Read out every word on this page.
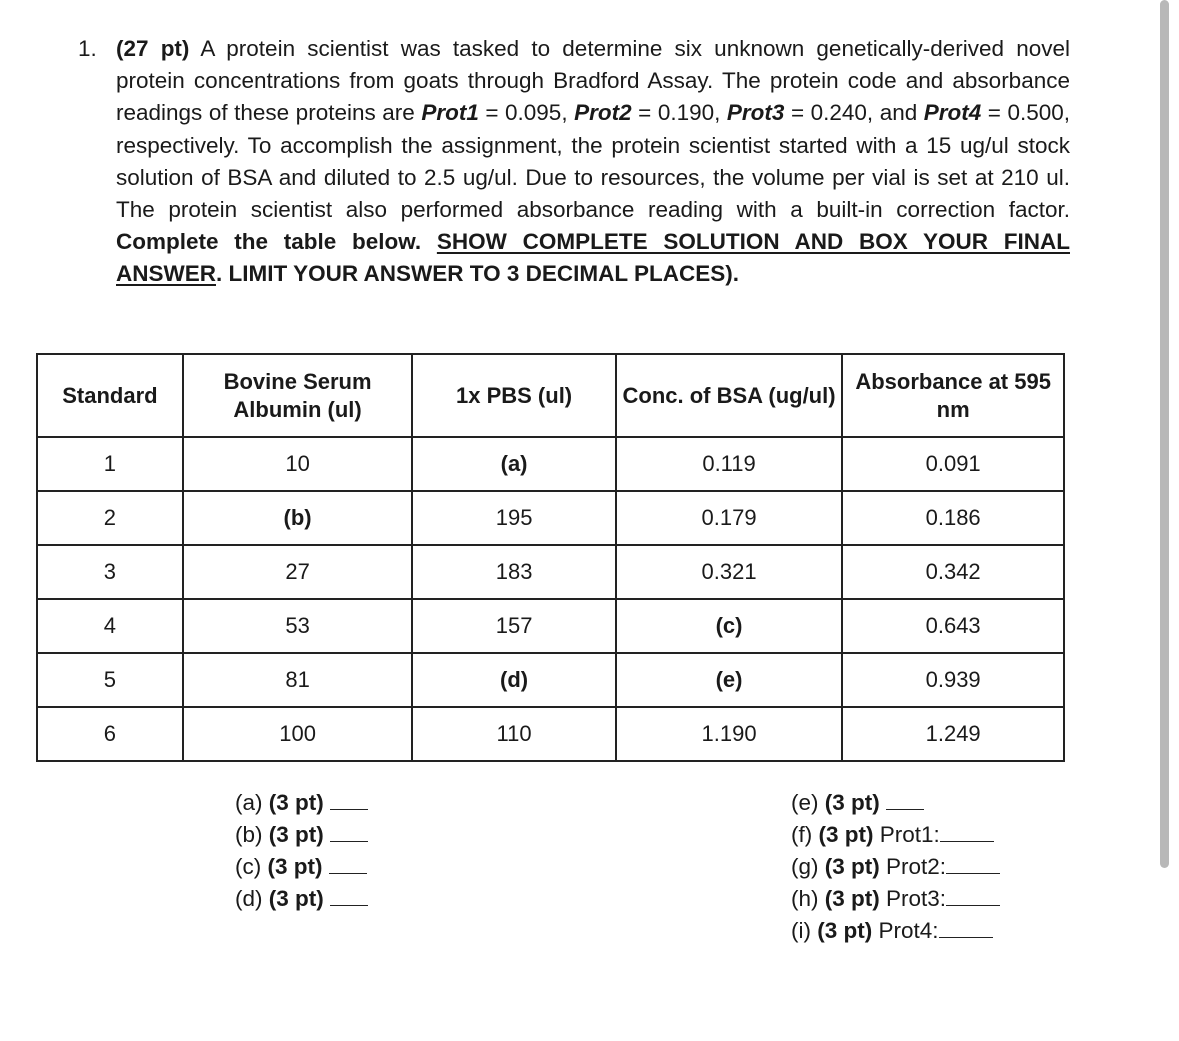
1. (27 pt) A protein scientist was tasked to determine six unknown genetically-derived novel protein concentrations from goats through Bradford Assay. The protein code and absorbance readings of these proteins are Prot1 = 0.095, Prot2 = 0.190, Prot3 = 0.240, and Prot4 = 0.500, respectively. To accomplish the assignment, the protein scientist started with a 15 ug/ul stock solution of BSA and diluted to 2.5 ug/ul. Due to resources, the volume per vial is set at 210 ul. The protein scientist also performed absorbance reading with a built-in correction factor. Complete the table below. SHOW COMPLETE SOLUTION AND BOX YOUR FINAL ANSWER. LIMIT YOUR ANSWER TO 3 DECIMAL PLACES).
Standard	Bovine Serum Albumin (ul)	1x PBS (ul)	Conc. of BSA (ug/ul)	Absorbance at 595 nm
1	10	(a)	0.119	0.091
2	(b)	195	0.179	0.186
3	27	183	0.321	0.342
4	53	157	(c)	0.643
5	81	(d)	(e)	0.939
6	100	110	1.190	1.249
(a) (3 pt)
(b) (3 pt)
(c) (3 pt)
(d) (3 pt)
(e) (3 pt)
(f) (3 pt) Prot1:
(g) (3 pt) Prot2:
(h) (3 pt) Prot3:
(i) (3 pt) Prot4:
